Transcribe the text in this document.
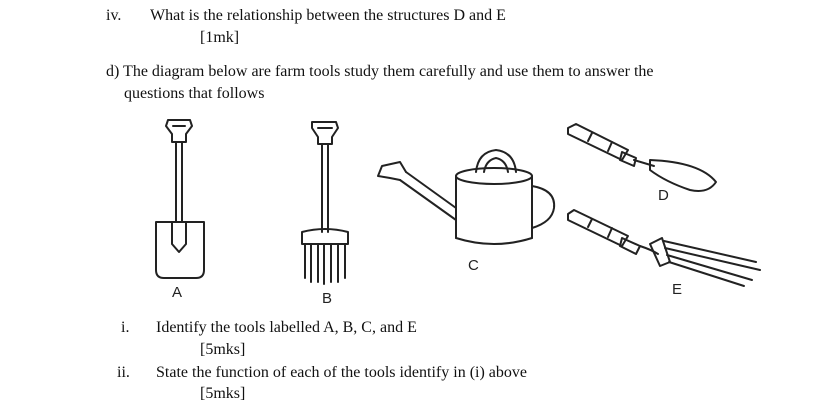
iv. What is the relationship between the structures D and E
[1mk]
d) The diagram below are farm tools study them carefully and use them to answer the
questions that follows
A	B
C
D
E
i. Identify the tools labelled A, B, C, and E
[5mks]
ii. State the function of each of the tools identify in (i) above
[5mks]
